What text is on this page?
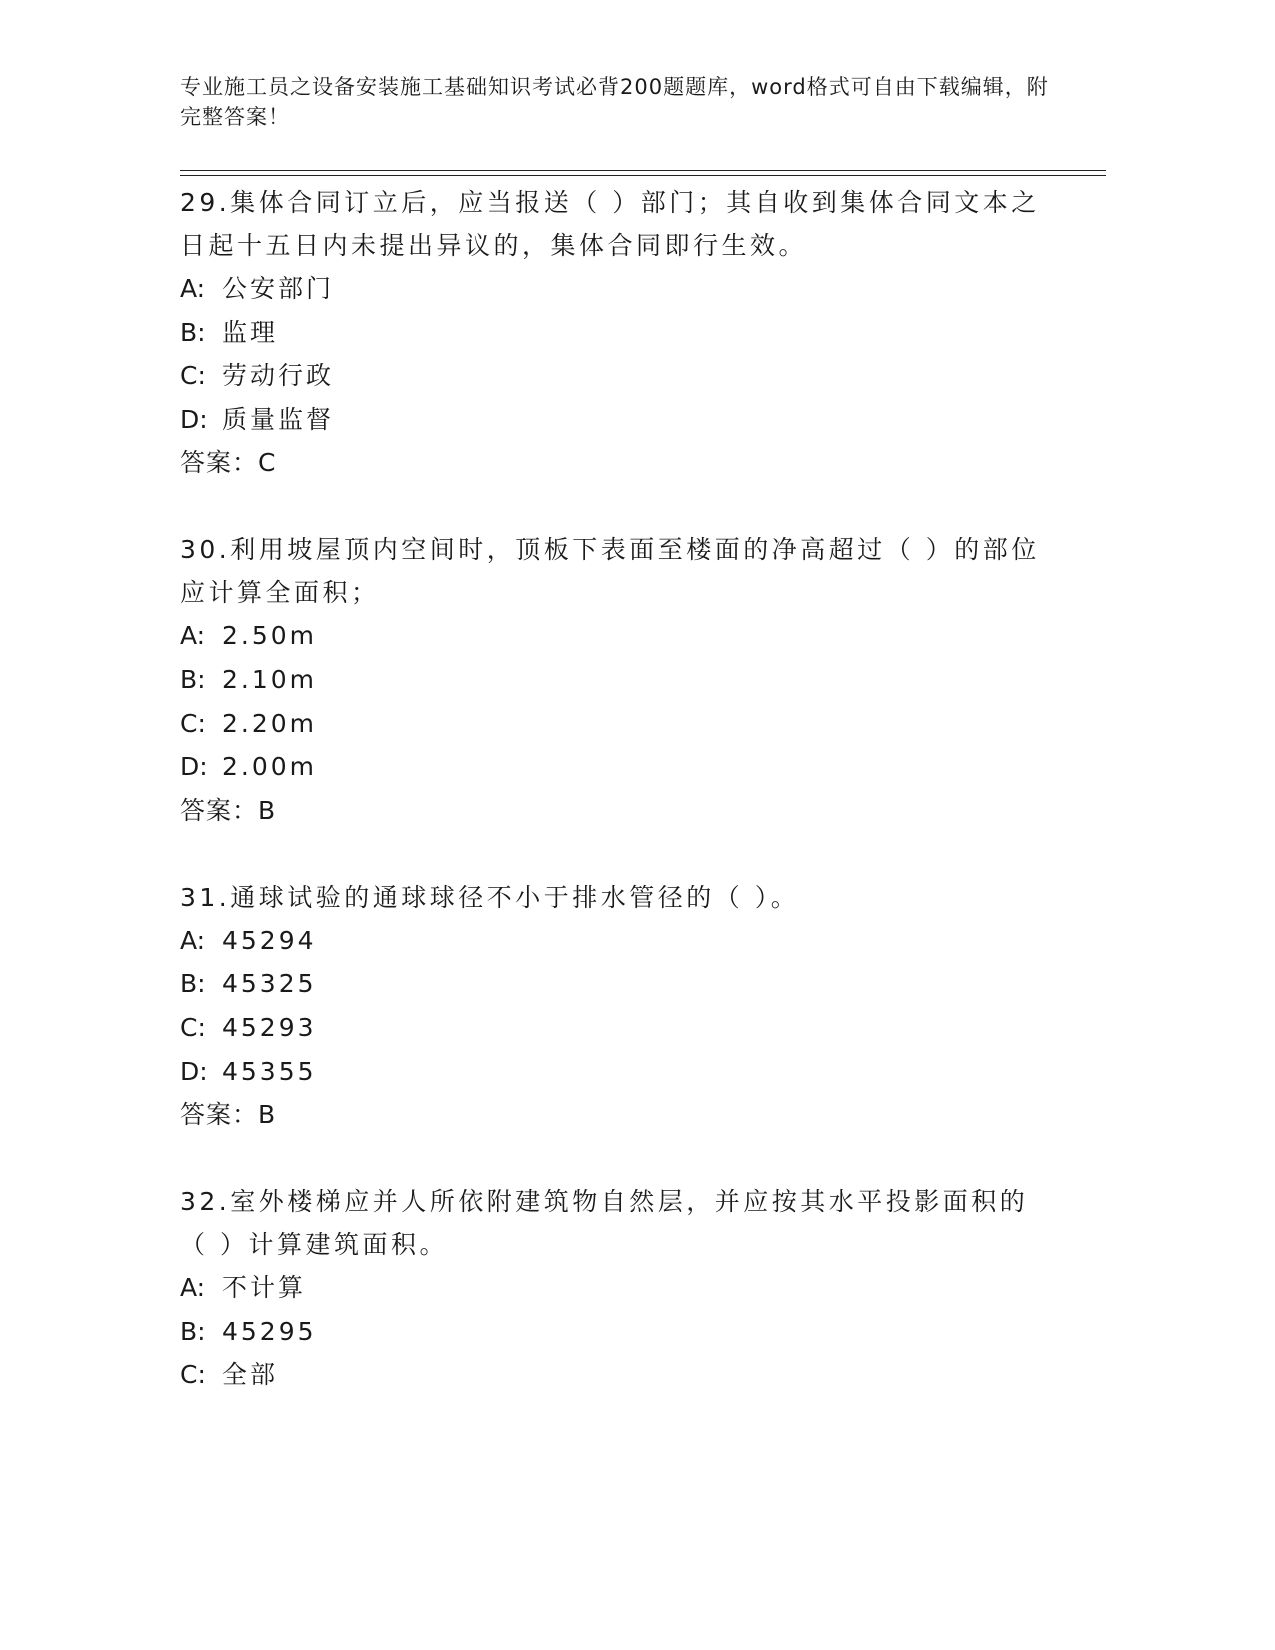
专业施工员之设备安装施工基础知识考试必背200题题库，word格式可自由下载编辑，附完整答案！
29.集体合同订立后，应当报送（ ）部门；其自收到集体合同文本之日起十五日内未提出异议的，集体合同即行生效。
A: 公安部门
B: 监理
C: 劳动行政
D: 质量监督
答案：C
30.利用坡屋顶内空间时，顶板下表面至楼面的净高超过（ ）的部位应计算全面积；
A: 2.50m
B: 2.10m
C: 2.20m
D: 2.00m
答案：B
31.通球试验的通球球径不小于排水管径的（ ）。
A: 45294
B: 45325
C: 45293
D: 45355
答案：B
32.室外楼梯应并人所依附建筑物自然层，并应按其水平投影面积的（ ）计算建筑面积。
A: 不计算
B: 45295
C: 全部
